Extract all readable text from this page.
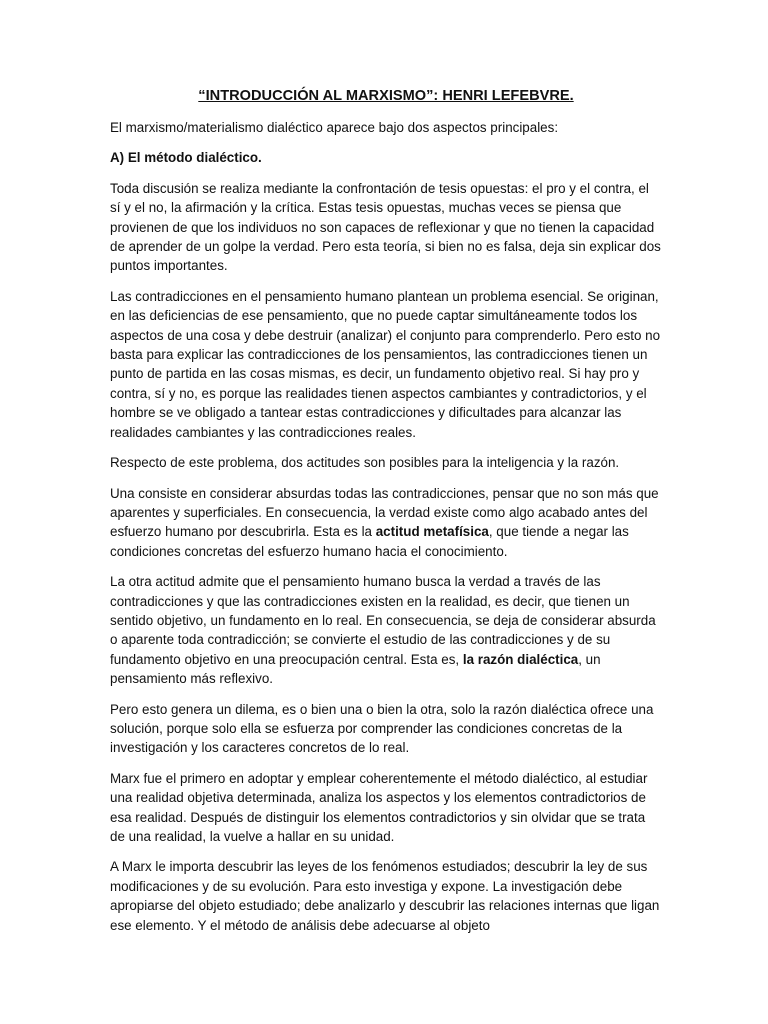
“INTRODUCCIÓN AL MARXISMO”: HENRI LEFEBVRE.

El marxismo/materialismo dialéctico aparece bajo dos aspectos principales:

A) El método dialéctico.

Toda discusión se realiza mediante la confrontación de tesis opuestas: el pro y el contra, el sí y el no, la afirmación y la crítica. Estas tesis opuestas, muchas veces se piensa que provienen de que los individuos no son capaces de reflexionar y que no tienen la capacidad de aprender de un golpe la verdad. Pero esta teoría, si bien no es falsa, deja sin explicar dos puntos importantes.

Las contradicciones en el pensamiento humano plantean un problema esencial. Se originan, en las deficiencias de ese pensamiento, que no puede captar simultáneamente todos los aspectos de una cosa y debe destruir (analizar) el conjunto para comprenderlo. Pero esto no basta para explicar las contradicciones de los pensamientos, las contradicciones tienen un punto de partida en las cosas mismas, es decir, un fundamento objetivo real. Si hay pro y contra, sí y no, es porque las realidades tienen aspectos cambiantes y contradictorios, y el hombre se ve obligado a tantear estas contradicciones y dificultades para alcanzar las realidades cambiantes y las contradicciones reales.

Respecto de este problema, dos actitudes son posibles para la inteligencia y la razón.

Una consiste en considerar absurdas todas las contradicciones, pensar que no son más que aparentes y superficiales. En consecuencia, la verdad existe como algo acabado antes del esfuerzo humano por descubrirla. Esta es la actitud metafísica, que tiende a negar las condiciones concretas del esfuerzo humano hacia el conocimiento.

La otra actitud admite que el pensamiento humano busca la verdad a través de las contradicciones y que las contradicciones existen en la realidad, es decir, que tienen un sentido objetivo, un fundamento en lo real. En consecuencia, se deja de considerar absurda o aparente toda contradicción; se convierte el estudio de las contradicciones y de su fundamento objetivo en una preocupación central. Esta es, la razón dialéctica, un pensamiento más reflexivo.

Pero esto genera un dilema, es o bien una o bien la otra, solo la razón dialéctica ofrece una solución, porque solo ella se esfuerza por comprender las condiciones concretas de la investigación y los caracteres concretos de lo real.

Marx fue el primero en adoptar y emplear coherentemente el método dialéctico, al estudiar una realidad objetiva determinada, analiza los aspectos y los elementos contradictorios de esa realidad. Después de distinguir los elementos contradictorios y sin olvidar que se trata de una realidad, la vuelve a hallar en su unidad.

A Marx le importa descubrir las leyes de los fenómenos estudiados; descubrir la ley de sus modificaciones y de su evolución. Para esto investiga y expone. La investigación debe apropiarse del objeto estudiado; debe analizarlo y descubrir las relaciones internas que ligan ese elemento. Y el método de análisis debe adecuarse al objeto
